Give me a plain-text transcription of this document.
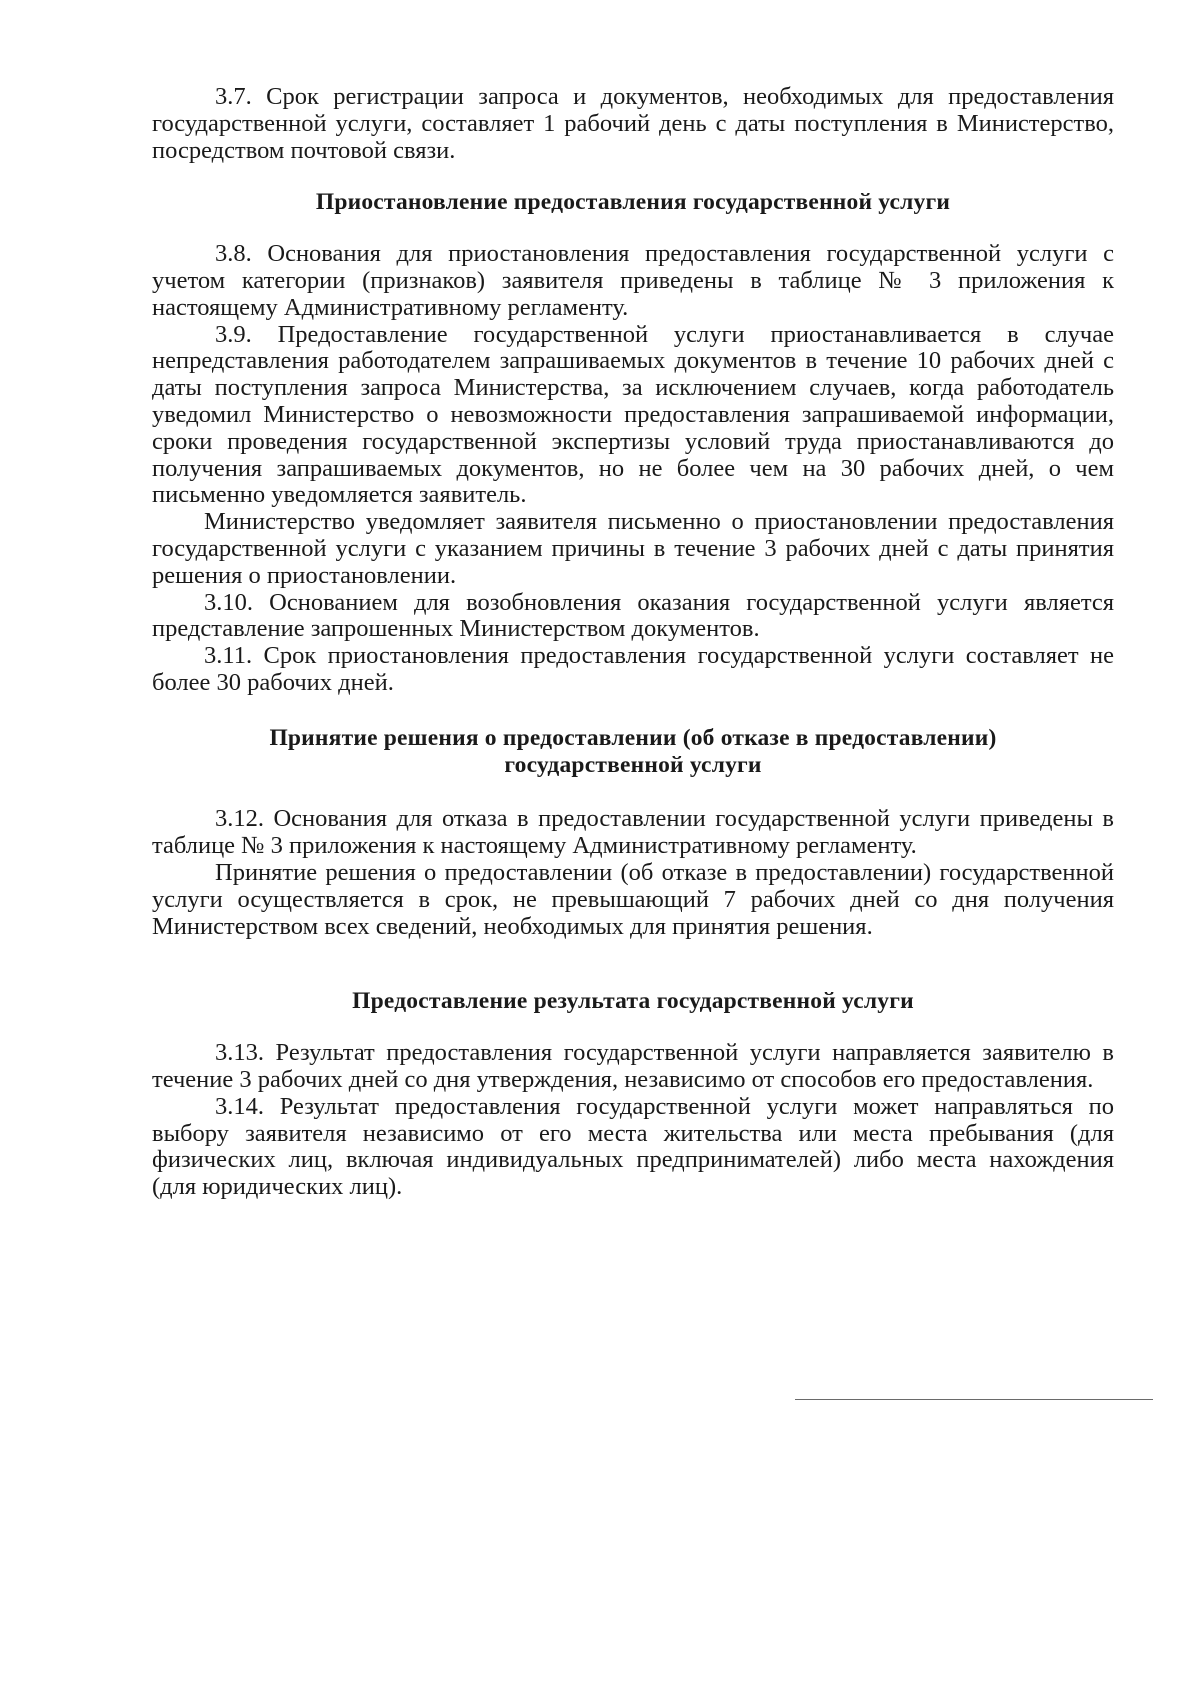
3.7. Срок регистрации запроса и документов, необходимых для предоставления государственной услуги, составляет 1 рабочий день с даты поступления в Министерство, посредством почтовой связи.

Приостановление предоставления государственной услуги

3.8. Основания для приостановления предоставления государственной услуги с учетом категории (признаков) заявителя приведены в таблице № 3 приложения к настоящему Административному регламенту.

3.9. Предоставление государственной услуги приостанавливается в случае непредставления работодателем запрашиваемых документов в течение 10 рабочих дней с даты поступления запроса Министерства, за исключением случаев, когда работодатель уведомил Министерство о невозможности предоставления запрашиваемой информации, сроки проведения государственной экспертизы условий труда приостанавливаются до получения запрашиваемых документов, но не более чем на 30 рабочих дней, о чем письменно уведомляется заявитель.

Министерство уведомляет заявителя письменно о приостановлении предоставления государственной услуги с указанием причины в течение 3 рабочих дней с даты принятия решения о приостановлении.

3.10. Основанием для возобновления оказания государственной услуги является представление запрошенных Министерством документов.

3.11. Срок приостановления предоставления государственной услуги составляет не более 30 рабочих дней.

Принятие решения о предоставлении (об отказе в предоставлении)

государственной услуги

3.12. Основания для отказа в предоставлении государственной услуги приведены в таблице № 3 приложения к настоящему Административному регламенту.

Принятие решения о предоставлении (об отказе в предоставлении) государственной услуги осуществляется в срок, не превышающий 7 рабочих дней со дня получения Министерством всех сведений, необходимых для принятия решения.

Предоставление результата государственной услуги

3.13. Результат предоставления государственной услуги направляется заявителю в течение 3 рабочих дней со дня утверждения, независимо от способов его предоставления.

3.14. Результат предоставления государственной услуги может направляться по выбору заявителя независимо от его места жительства или места пребывания (для физических лиц, включая индивидуальных предпринимателей) либо места нахождения (для юридических лиц).
